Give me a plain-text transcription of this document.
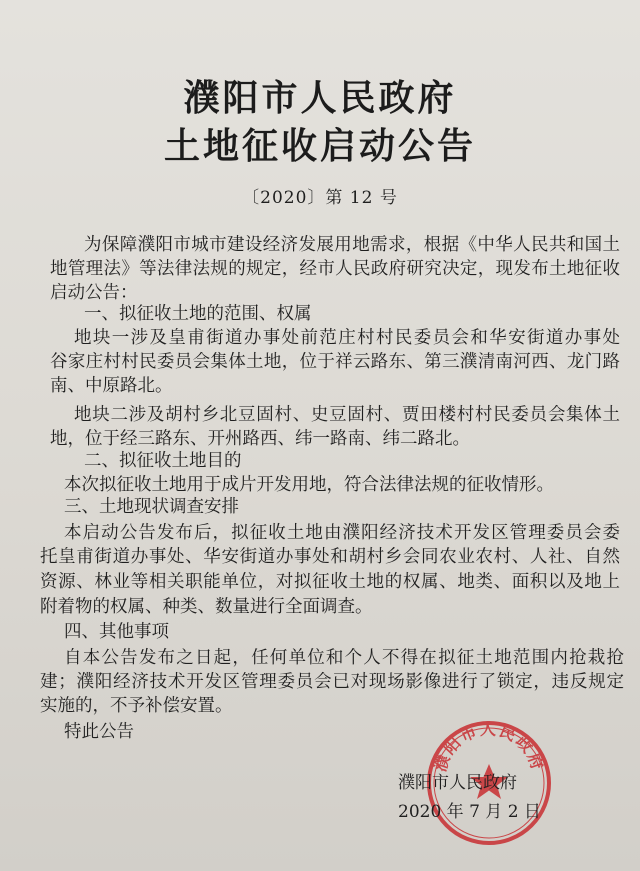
濮阳市人民政府
土地征收启动公告
〔2020〕第 12 号
为保障濮阳市城市建设经济发展用地需求，根据《中华人民共和国土
地管理法》等法律法规的规定，经市人民政府研究决定，现发布土地征收
启动公告：
一、拟征收土地的范围、权属
地块一涉及皇甫街道办事处前范庄村村民委员会和华安街道办事处
谷家庄村村民委员会集体土地，位于祥云路东、第三濮清南河西、龙门路
南、中原路北。
地块二涉及胡村乡北豆固村、史豆固村、贾田楼村村民委员会集体土
地，位于经三路东、开州路西、纬一路南、纬二路北。
二、拟征收土地目的
本次拟征收土地用于成片开发用地，符合法律法规的征收情形。
三、土地现状调查安排
本启动公告发布后，拟征收土地由濮阳经济技术开发区管理委员会委
托皇甫街道办事处、华安街道办事处和胡村乡会同农业农村、人社、自然
资源、林业等相关职能单位，对拟征收土地的权属、地类、面积以及地上
附着物的权属、种类、数量进行全面调查。
四、其他事项
自本公告发布之日起，任何单位和个人不得在拟征土地范围内抢栽抢
建；濮阳经济技术开发区管理委员会已对现场影像进行了锁定，违反规定
实施的，不予补偿安置。
特此公告
濮阳市人民政府
濮阳市人民政府
2020 年 7 月 2 日
